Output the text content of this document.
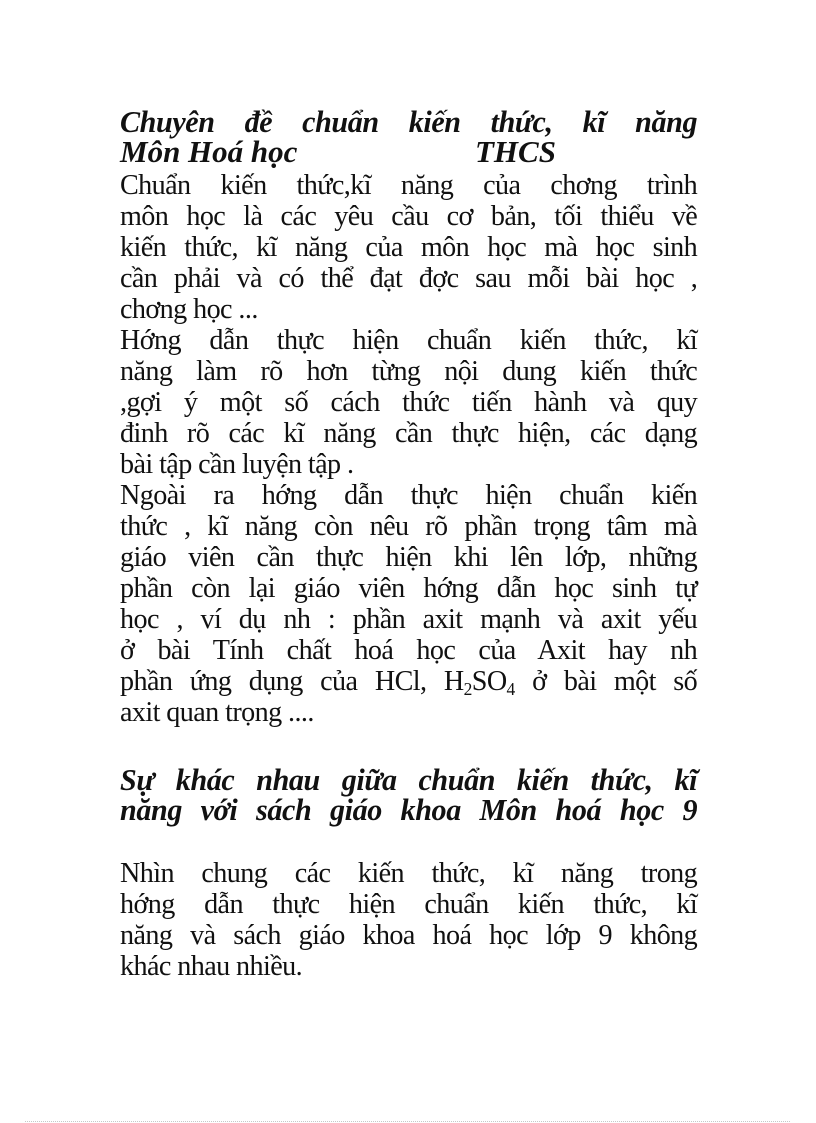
Chuyên đề chuẩn kiến thức, kĩ năng
Môn Hoá học	THCS
Chuẩn kiến thức,kĩ năng của chơng trình
môn học là các yêu cầu cơ bản, tối thiểu về
kiến thức, kĩ năng của môn học mà học sinh
cần phải và có thể đạt đợc sau mỗi bài học ,
chơng học ...
Hớng dẫn thực hiện chuẩn kiến thức, kĩ
năng làm rõ hơn từng nội dung kiến thức
,gợi ý một số cách thức tiến hành và quy
đinh rõ các kĩ năng cần thực hiện, các dạng
bài tập cần luyện tập .
Ngoài ra hớng dẫn thực hiện chuẩn kiến
thức , kĩ năng còn nêu rõ phần trọng tâm mà
giáo viên cần thực hiện khi lên lớp, những
phần còn lại giáo viên hớng dẫn học sinh tự
học , ví dụ nh : phần axit mạnh và axit yếu
ở bài Tính chất hoá học của Axit hay nh
phần ứng dụng của HCl, $H_2SO_4$ ở bài một số
axit quan trọng ....
Sự khác nhau giữa chuẩn kiến thức, kĩ
năng với sách giáo khoa Môn hoá học 9
Nhìn chung các kiến thức, kĩ năng trong
hớng dẫn thực hiện chuẩn kiến thức, kĩ
năng và sách giáo khoa hoá học lớp 9 không
khác nhau nhiều.
